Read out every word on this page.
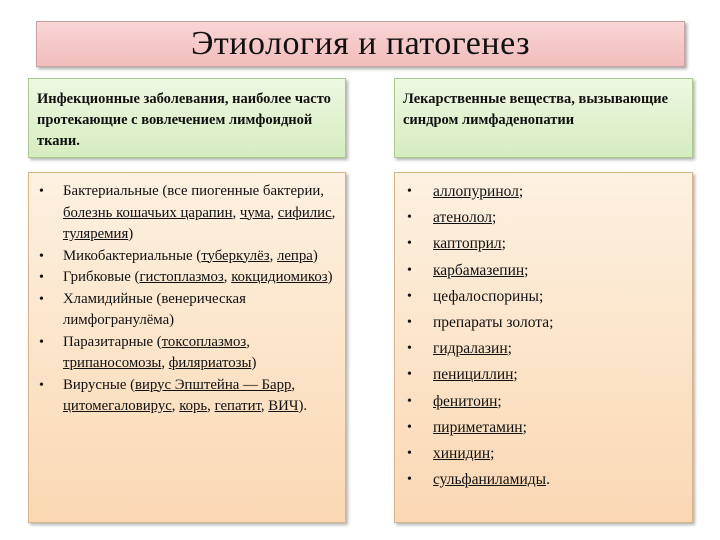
Этиология и патогенез
Инфекционные заболевания, наиболее часто протекающие с вовлечением лимфоидной ткани.
Лекарственные вещества, вызывающие синдром лимфаденопатии
• Бактериальные (все пиогенные бактерии, болезнь кошачьих царапин, чума, сифилис, туляремия)
• Микобактериальные (туберкулёз, лепра)
• Грибковые (гистоплазмоз, кокцидиомикоз)
• Хламидийные (венерическая лимфогранулёма)
• Паразитарные (токсоплазмоз, трипаносомозы, филяриатозы)
• Вирусные (вирус Эпштейна — Барр, цитомегаловирус, корь, гепатит, ВИЧ).
• аллопуринол;
• атенолол;
• каптоприл;
• карбамазепин;
• цефалоспорины;
• препараты золота;
• гидралазин;
• пенициллин;
• фенитоин;
• пириметамин;
• хинидин;
• сульфаниламиды.
